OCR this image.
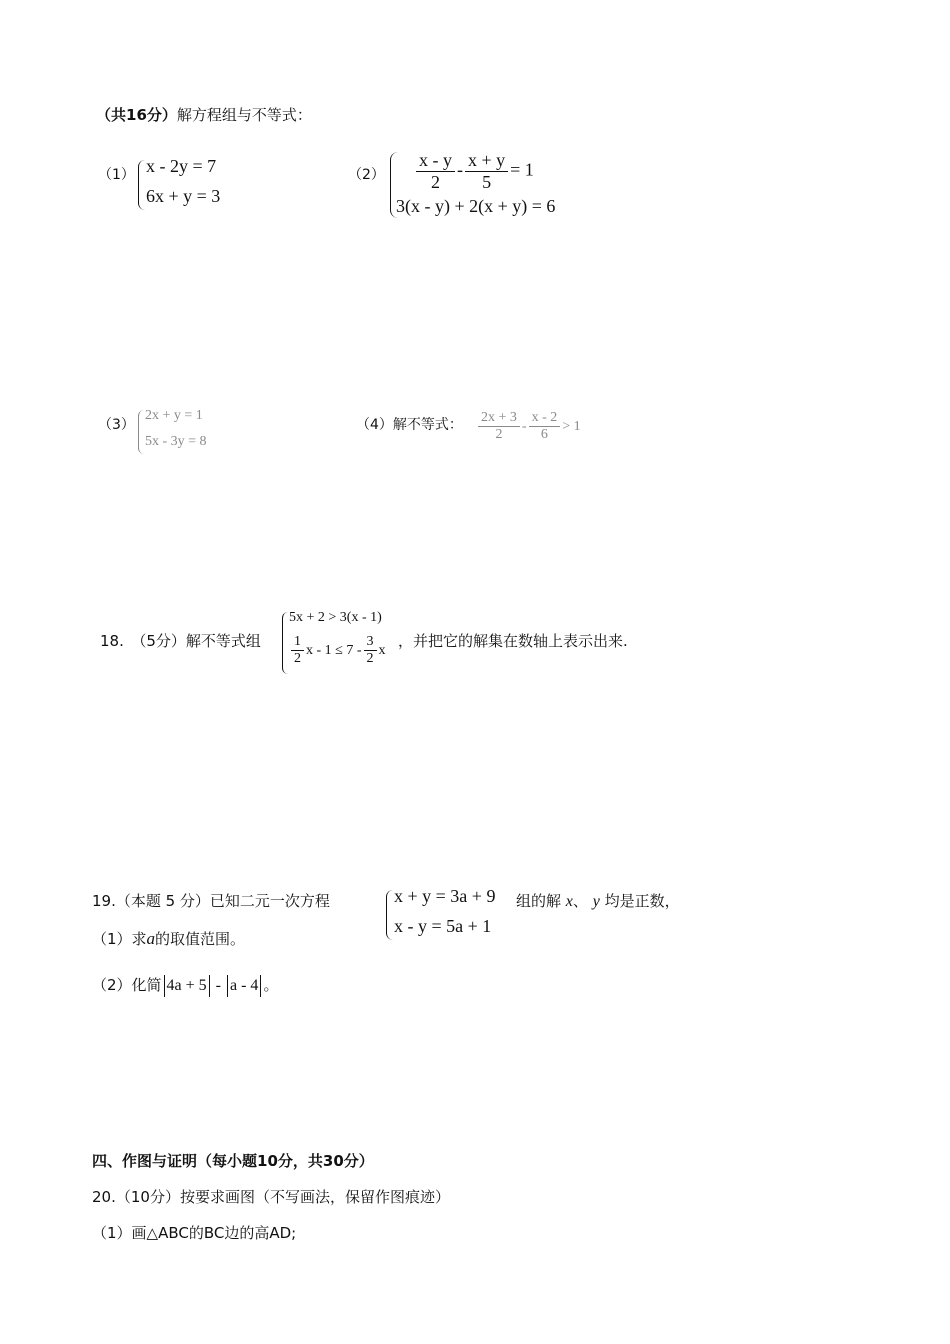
（共16分）解方程组与不等式：
（1） x - 2y = 7
6x + y = 3
$(2) \frac{x - y}{2} - \frac{x + y}{5} = 1$
3(x - y) + 2(x + y) = 6
（3）
2x + y = 1
5x - 3y = 8
（4）解不等式： $\frac{2x + 3}{2} - \frac{x - 2}{6} > 1$
18.　（5分）解不等式组
5x + 2 > 3(x - 1)
$\frac{1}{2}$ $x - 1 \le 7 - \frac{3}{2}$ x
，并把它的解集在数轴上表示出来.
19.（本题 5 分）已知二元一次方程	x + y = 3a + 9
x - y = 5a + 1
组的解 x、 y 均是正数，
（1）求a的取值范围。
（2）化简 4a + 5 - a - 4 。
四、作图与证明（每小题10分，共30分）
20.（10分）按要求画图（不写画法，保留作图痕迹）
（1）画△ABC的BC边的高AD;
